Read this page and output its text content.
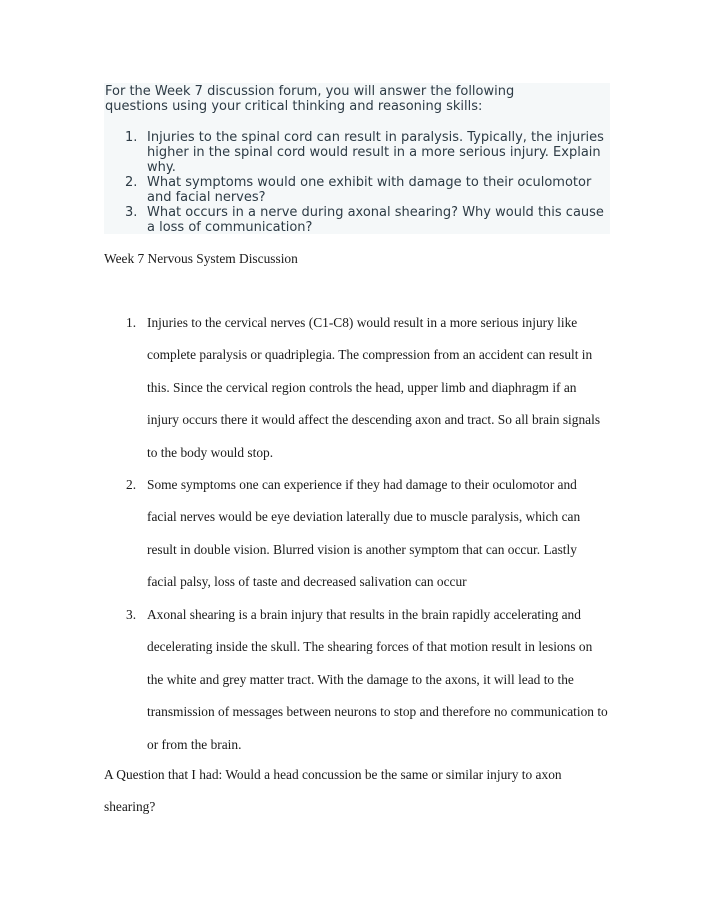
For the Week 7 discussion forum, you will answer the following questions using your critical thinking and reasoning skills:

1. Injuries to the spinal cord can result in paralysis. Typically, the injuries higher in the spinal cord would result in a more serious injury. Explain why.
2. What symptoms would one exhibit with damage to their oculomotor and facial nerves?
3. What occurs in a nerve during axonal shearing? Why would this cause a loss of communication?
Week 7 Nervous System Discussion
1. Injuries to the cervical nerves (C1-C8) would result in a more serious injury like complete paralysis or quadriplegia. The compression from an accident can result in this. Since the cervical region controls the head, upper limb and diaphragm if an injury occurs there it would affect the descending axon and tract. So all brain signals to the body would stop.
2. Some symptoms one can experience if they had damage to their oculomotor and facial nerves would be eye deviation laterally due to muscle paralysis, which can result in double vision. Blurred vision is another symptom that can occur. Lastly facial palsy, loss of taste and decreased salivation can occur
3. Axonal shearing is a brain injury that results in the brain rapidly accelerating and decelerating inside the skull. The shearing forces of that motion result in lesions on the white and grey matter tract. With the damage to the axons, it will lead to the transmission of messages between neurons to stop and therefore no communication to or from the brain.

A Question that I had: Would a head concussion be the same or similar injury to axon shearing?
